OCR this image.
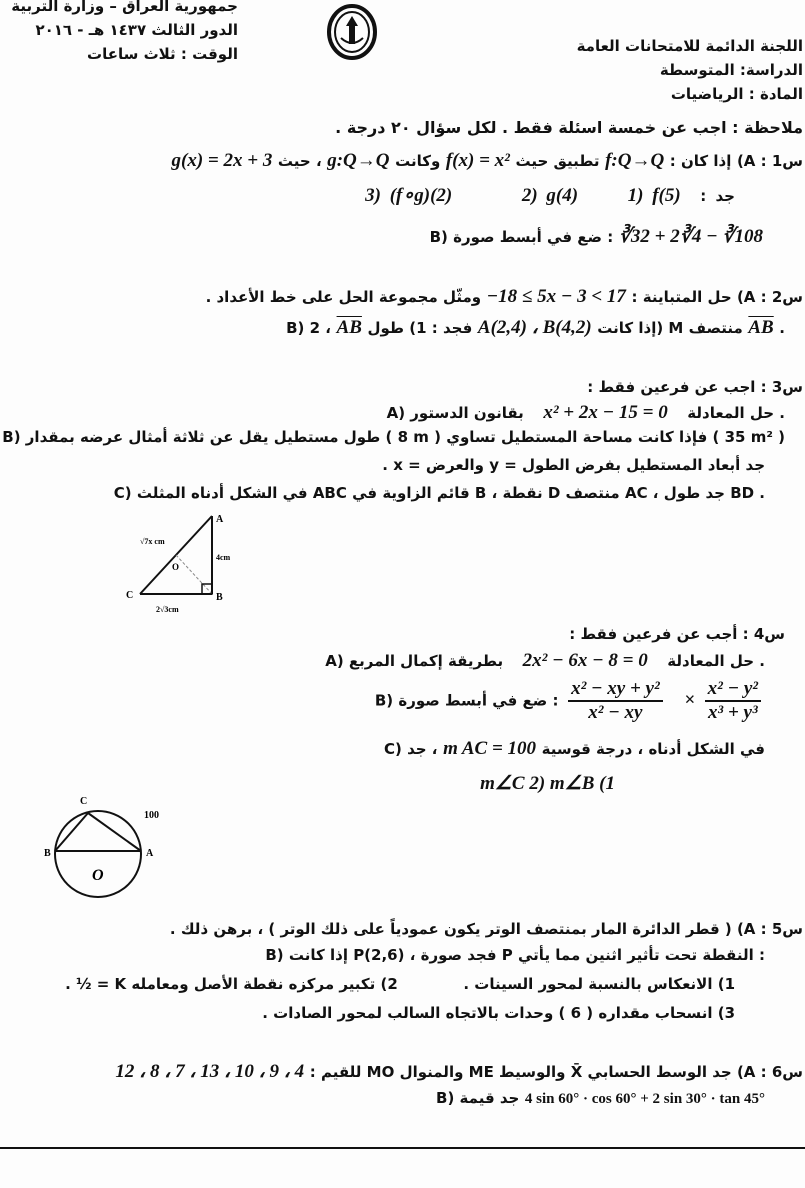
جمهورية العراق – وزارة التربية
الدور الثالث ١٤٣٧ هـ - ٢٠١٦
الوقت : ثلاث ساعات	اللجنة الدائمة للامتحانات العامة
الدراسة: المتوسطة
المادة : الرياضيات
ملاحظة : اجب عن خمسة اسئلة فقط . لكل سؤال ٢٠ درجة .
س1 : A) إذا كان : f:Q→Q تطبيق حيث f(x) = x² وكانت g:Q→Q ، حيث g(x) = 2x + 3
جد : 1) f(5) 2) g(4) 3) (f∘g)(2)
B) ضع في أبسط صورة : ∛32 + 2∛4 − ∛108
س2 : A) حل المتباينة : −18 ≤ 5x − 3 < 17 ومثّل مجموعة الحل على خط الأعداد .
B) إذا كانت A(2,4) ، B(4,2) فجد : 1) طول $\overline{AB}$ ، 2) M منتصف $\overline{AB}$ .
س3 : اجب عن فرعين فقط :
A) حل المعادلة x² + 2x − 15 = 0 بقانون الدستور .
B) طول مستطيل يقل عن ثلاثة أمثال عرضه بمقدار ( 8 m ) فإذا كانت مساحة المستطيل تساوي ( 35 m² )
جد أبعاد المستطيل بفرض الطول = y والعرض = x .
C) في الشكل أدناه المثلث ABC قائم الزاوية في B ، نقطة D منتصف AC ، جد طول BD .
A
B
C
O
√7x cm
4cm
2√3cm
س4 : أجب عن فرعين فقط :
A) حل المعادلة 2x² − 6x − 8 = 0 بطريقة إكمال المربع .
B) ضع في أبسط صورة : $\frac{\text{x² − xy + y²}}{\text{x² − xy}} \times \frac{\text{x² − y²}}{\text{x³ + y³}}$
C) في الشكل أدناه ، درجة قوسية m AC = 100 ، جد
1) m∠C 2) m∠B
C
100
B	A
O
س5 : A) ( قطر الدائرة المار بمنتصف الوتر يكون عمودياً على ذلك الوتر ) ، برهن ذلك .
B) إذا كانت P(2,6) ، فجد صورة P النقطة تحت تأثير اثنين مما يأتي :
1) الانعكاس بالنسبة لمحور السينات . 2) تكبير مركزه نقطة الأصل ومعامله K = ½ .
3) انسحاب مقداره ( 6 ) وحدات بالاتجاه السالب لمحور الصادات .
س6 : A) جد الوسط الحسابي X̄ والوسيط ME والمنوال MO للقيم : 12 ، 8 ، 7 ، 13 ، 10 ، 9 ، 4
B) جد قيمة 4 sin 60° · cos 60° + 2 sin 30° · tan 45°
